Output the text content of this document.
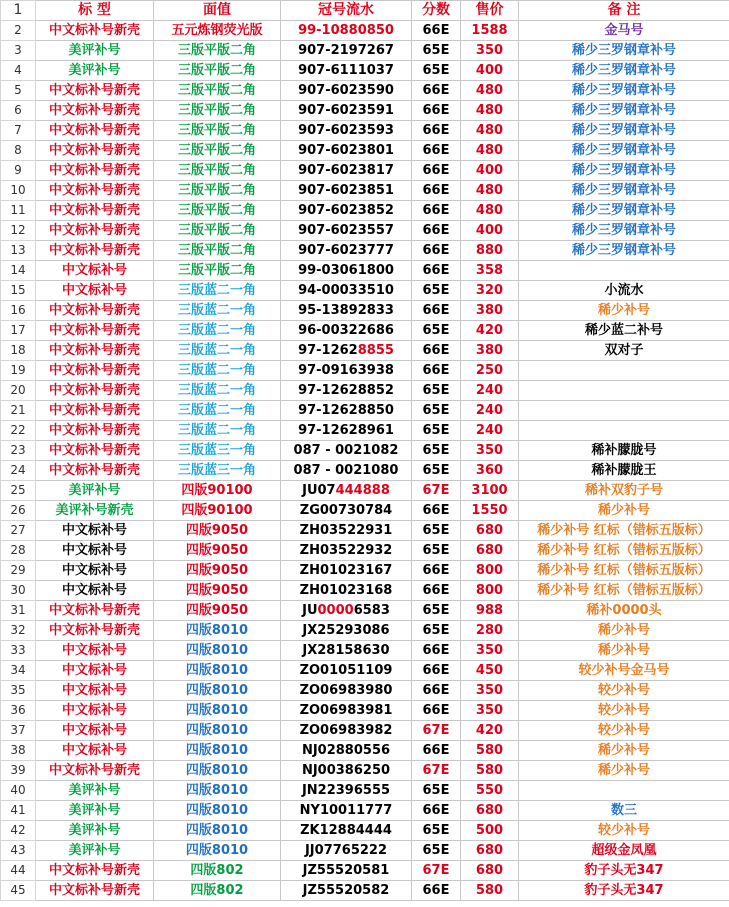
1	标 型	面值	冠号流水	分数	售价	备 注
2	中文标补号新壳	五元炼钢荧光版	99-10880850	66E	1588	金马号
3	美评补号	三版平版二角	907-2197267	65E	350	稀少三罗钢章补号
4	美评补号	三版平版二角	907-6111037	65E	400	稀少三罗钢章补号
5	中文标补号新壳	三版平版二角	907-6023590	66E	480	稀少三罗钢章补号
6	中文标补号新壳	三版平版二角	907-6023591	66E	480	稀少三罗钢章补号
7	中文标补号新壳	三版平版二角	907-6023593	66E	480	稀少三罗钢章补号
8	中文标补号新壳	三版平版二角	907-6023801	66E	480	稀少三罗钢章补号
9	中文标补号新壳	三版平版二角	907-6023817	66E	400	稀少三罗钢章补号
10	中文标补号新壳	三版平版二角	907-6023851	66E	480	稀少三罗钢章补号
11	中文标补号新壳	三版平版二角	907-6023852	66E	480	稀少三罗钢章补号
12	中文标补号新壳	三版平版二角	907-6023557	66E	400	稀少三罗钢章补号
13	中文标补号新壳	三版平版二角	907-6023777	66E	880	稀少三罗钢章补号
14	中文标补号	三版平版二角	99-03061800	66E	358	
15	中文标补号	三版蓝二一角	94-00033510	65E	320	小流水
16	中文标补号新壳	三版蓝二一角	95-13892833	66E	380	稀少补号
17	中文标补号新壳	三版蓝二一角	96-00322686	65E	420	稀少蓝二补号
18	中文标补号新壳	三版蓝二一角	97-12628855	66E	380	双对子
19	中文标补号新壳	三版蓝二一角	97-09163938	66E	250	
20	中文标补号新壳	三版蓝二一角	97-12628852	65E	240	
21	中文标补号新壳	三版蓝二一角	97-12628850	65E	240	
22	中文标补号新壳	三版蓝二一角	97-12628961	65E	240	
23	中文标补号新壳	三版蓝三一角	087 - 0021082	65E	350	稀补朦胧号
24	中文标补号新壳	三版蓝三一角	087 - 0021080	65E	360	稀补朦胧王
25	美评补号	四版90100	JU07444888	67E	3100	稀补双豹子号
26	美评补号新壳	四版90100	ZG00730784	66E	1550	稀少补号
27	中文标补号	四版9050	ZH03522931	65E	680	稀少补号 红标（错标五版标）
28	中文标补号	四版9050	ZH03522932	65E	680	稀少补号 红标（错标五版标）
29	中文标补号	四版9050	ZH01023167	66E	800	稀少补号 红标（错标五版标）
30	中文标补号	四版9050	ZH01023168	66E	800	稀少补号 红标（错标五版标）
31	中文标补号新壳	四版9050	JU00006583	65E	988	稀补0000头
32	中文标补号新壳	四版8010	JX25293086	65E	280	稀少补号
33	中文标补号	四版8010	JX28158630	66E	350	稀少补号
34	中文标补号	四版8010	ZO01051109	66E	450	较少补号金马号
35	中文标补号	四版8010	ZO06983980	66E	350	较少补号
36	中文标补号	四版8010	ZO06983981	66E	350	较少补号
37	中文标补号	四版8010	ZO06983982	67E	420	较少补号
38	中文标补号	四版8010	NJ02880556	66E	580	稀少补号
39	中文标补号新壳	四版8010	NJ00386250	67E	580	稀少补号
40	美评补号	四版8010	JN22396555	65E	550	
41	美评补号	四版8010	NY10011777	66E	680	数三
42	美评补号	四版8010	ZK12884444	65E	500	较少补号
43	美评补号	四版8010	JJ07765222	65E	680	超级金凤凰
44	中文标补号新壳	四版802	JZ55520581	67E	680	豹子头无347
45	中文标补号新壳	四版802	JZ55520582	66E	580	豹子头无347
